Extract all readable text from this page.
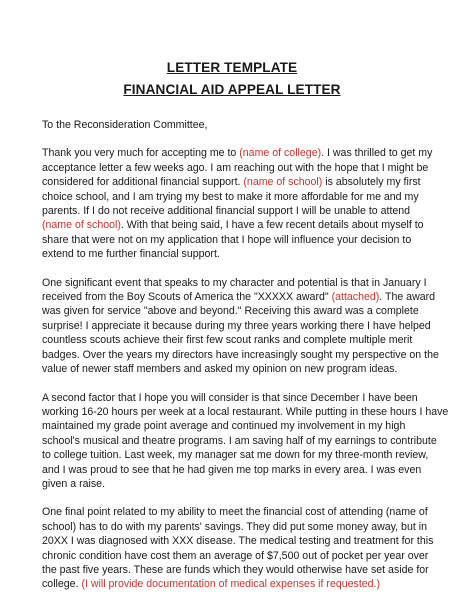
LETTER TEMPLATE
FINANCIAL AID APPEAL LETTER
To the Reconsideration Committee,
Thank you very much for accepting me to (name of college). I was thrilled to get my
acceptance letter a few weeks ago. I am reaching out with the hope that I might be
considered for additional financial support. (name of school) is absolutely my first
choice school, and I am trying my best to make it more affordable for me and my
parents. If I do not receive additional financial support I will be unable to attend
(name of school). With that being said, I have a few recent details about myself to
share that were not on my application that I hope will influence your decision to
extend to me further financial support.
One significant event that speaks to my character and potential is that in January I
received from the Boy Scouts of America the "XXXXX award" (attached). The award
was given for service "above and beyond." Receiving this award was a complete
surprise! I appreciate it because during my three years working there I have helped
countless scouts achieve their first few scout ranks and complete multiple merit
badges. Over the years my directors have increasingly sought my perspective on the
value of newer staff members and asked my opinion on new program ideas.
A second factor that I hope you will consider is that since December I have been
working 16-20 hours per week at a local restaurant. While putting in these hours I have
maintained my grade point average and continued my involvement in my high
school's musical and theatre programs. I am saving half of my earnings to contribute
to college tuition. Last week, my manager sat me down for my three-month review,
and I was proud to see that he had given me top marks in every area. I was even
given a raise.
One final point related to my ability to meet the financial cost of attending (name of
school) has to do with my parents' savings. They did put some money away, but in
20XX I was diagnosed with XXX disease. The medical testing and treatment for this
chronic condition have cost them an average of $7,500 out of pocket per year over
the past five years. These are funds which they would otherwise have set aside for
college. (I will provide documentation of medical expenses if requested.)
